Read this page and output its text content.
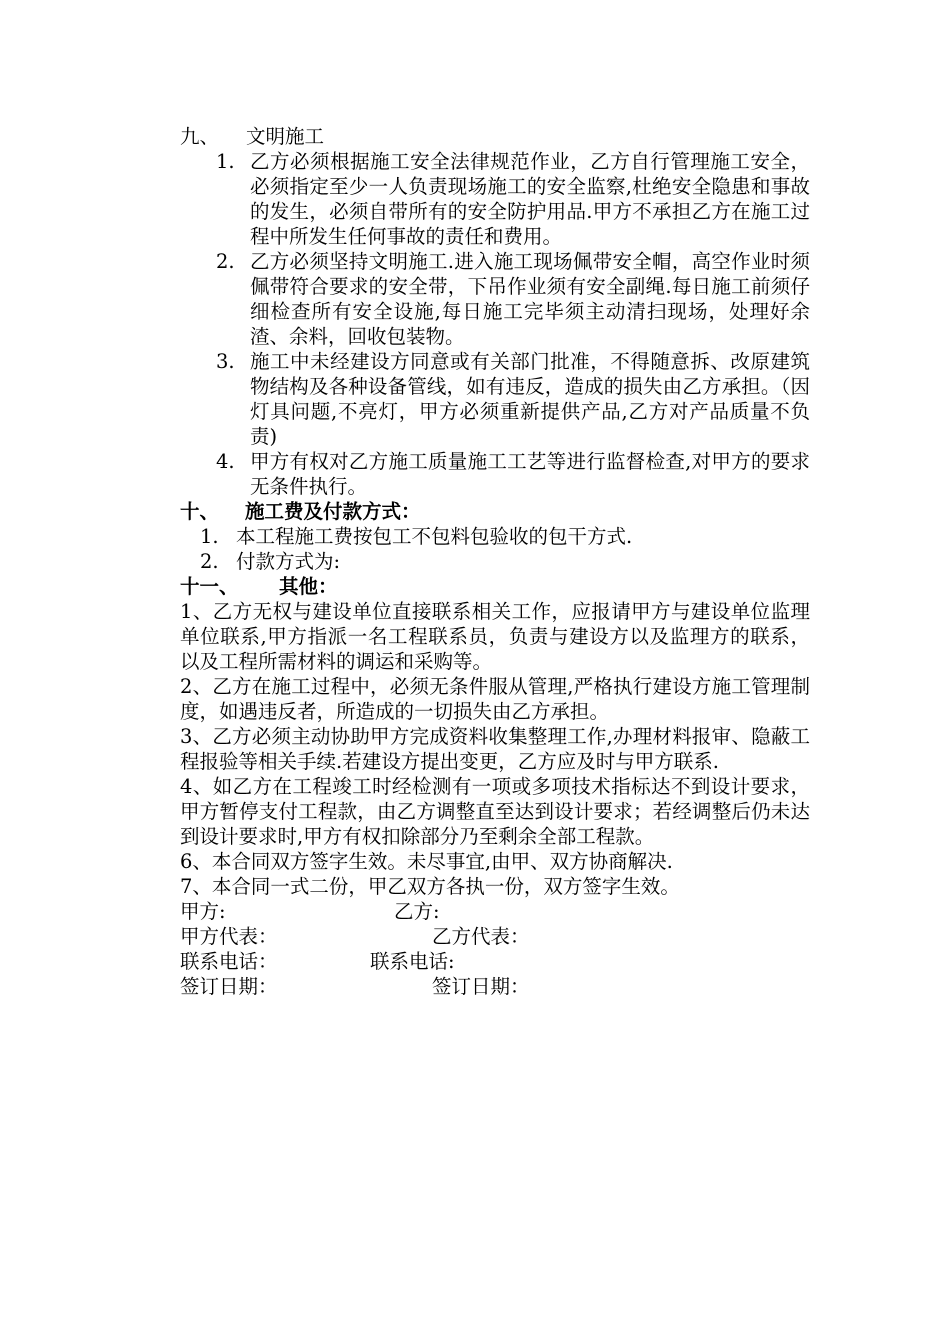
九、	文明施工
1. 乙方必须根据施工安全法律规范作业，乙方自行管理施工安全，必须指定至少一人负责现场施工的安全监察,杜绝安全隐患和事故的发生，必须自带所有的安全防护用品.甲方不承担乙方在施工过程中所发生任何事故的责任和费用。
2. 乙方必须坚持文明施工.进入施工现场佩带安全帽，高空作业时须佩带符合要求的安全带，下吊作业须有安全副绳.每日施工前须仔细检查所有安全设施,每日施工完毕须主动清扫现场，处理好余渣、余料，回收包装物。
3. 施工中未经建设方同意或有关部门批准，不得随意拆、改原建筑物结构及各种设备管线，如有违反，造成的损失由乙方承担。（因灯具问题,不亮灯，甲方必须重新提供产品,乙方对产品质量不负责)
4. 甲方有权对乙方施工质量施工工艺等进行监督检查,对甲方的要求无条件执行。
十、	施工费及付款方式：
1. 本工程施工费按包工不包料包验收的包干方式.
2. 付款方式为:
十一、	其他：
1、乙方无权与建设单位直接联系相关工作，应报请甲方与建设单位监理单位联系,甲方指派一名工程联系员，负责与建设方以及监理方的联系，以及工程所需材料的调运和采购等。
2、乙方在施工过程中，必须无条件服从管理,严格执行建设方施工管理制度，如遇违反者，所造成的一切损失由乙方承担。
3、乙方必须主动协助甲方完成资料收集整理工作,办理材料报审、隐蔽工程报验等相关手续.若建设方提出变更，乙方应及时与甲方联系.
4、如乙方在工程竣工时经检测有一项或多项技术指标达不到设计要求，甲方暂停支付工程款，由乙方调整直至达到设计要求；若经调整后仍未达到设计要求时,甲方有权扣除部分乃至剩余全部工程款。
6、本合同双方签字生效。未尽事宜,由甲、双方协商解决.
7、本合同一式二份，甲乙双方各执一份，双方签字生效。
甲方:	乙方:
甲方代表：	乙方代表：
联系电话：	联系电话:
签订日期：	签订日期：
